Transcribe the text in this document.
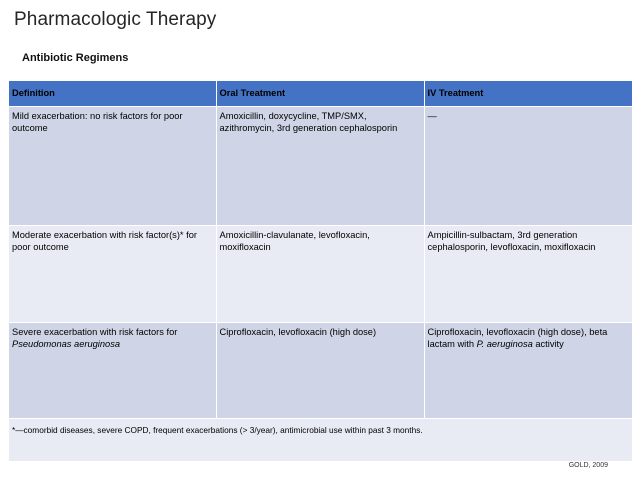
Pharmacologic Therapy
Antibiotic Regimens
Definition	Oral Treatment	IV Treatment
Mild exacerbation: no risk factors for poor outcome	Amoxicillin, doxycycline, TMP/SMX, azithromycin, 3rd generation cephalosporin	—
Moderate exacerbation with risk factor(s)* for poor outcome	Amoxicillin-clavulanate, levofloxacin, moxifloxacin	Ampicillin-sulbactam, 3rd generation cephalosporin, levofloxacin, moxifloxacin
Severe exacerbation with risk factors for Pseudomonas aeruginosa	Ciprofloxacin, levofloxacin (high dose)	Ciprofloxacin, levofloxacin (high dose), beta lactam with P. aeruginosa activity
*—comorbid diseases, severe COPD, frequent exacerbations (> 3/year), antimicrobial use within past 3 months.		
GOLD, 2009
